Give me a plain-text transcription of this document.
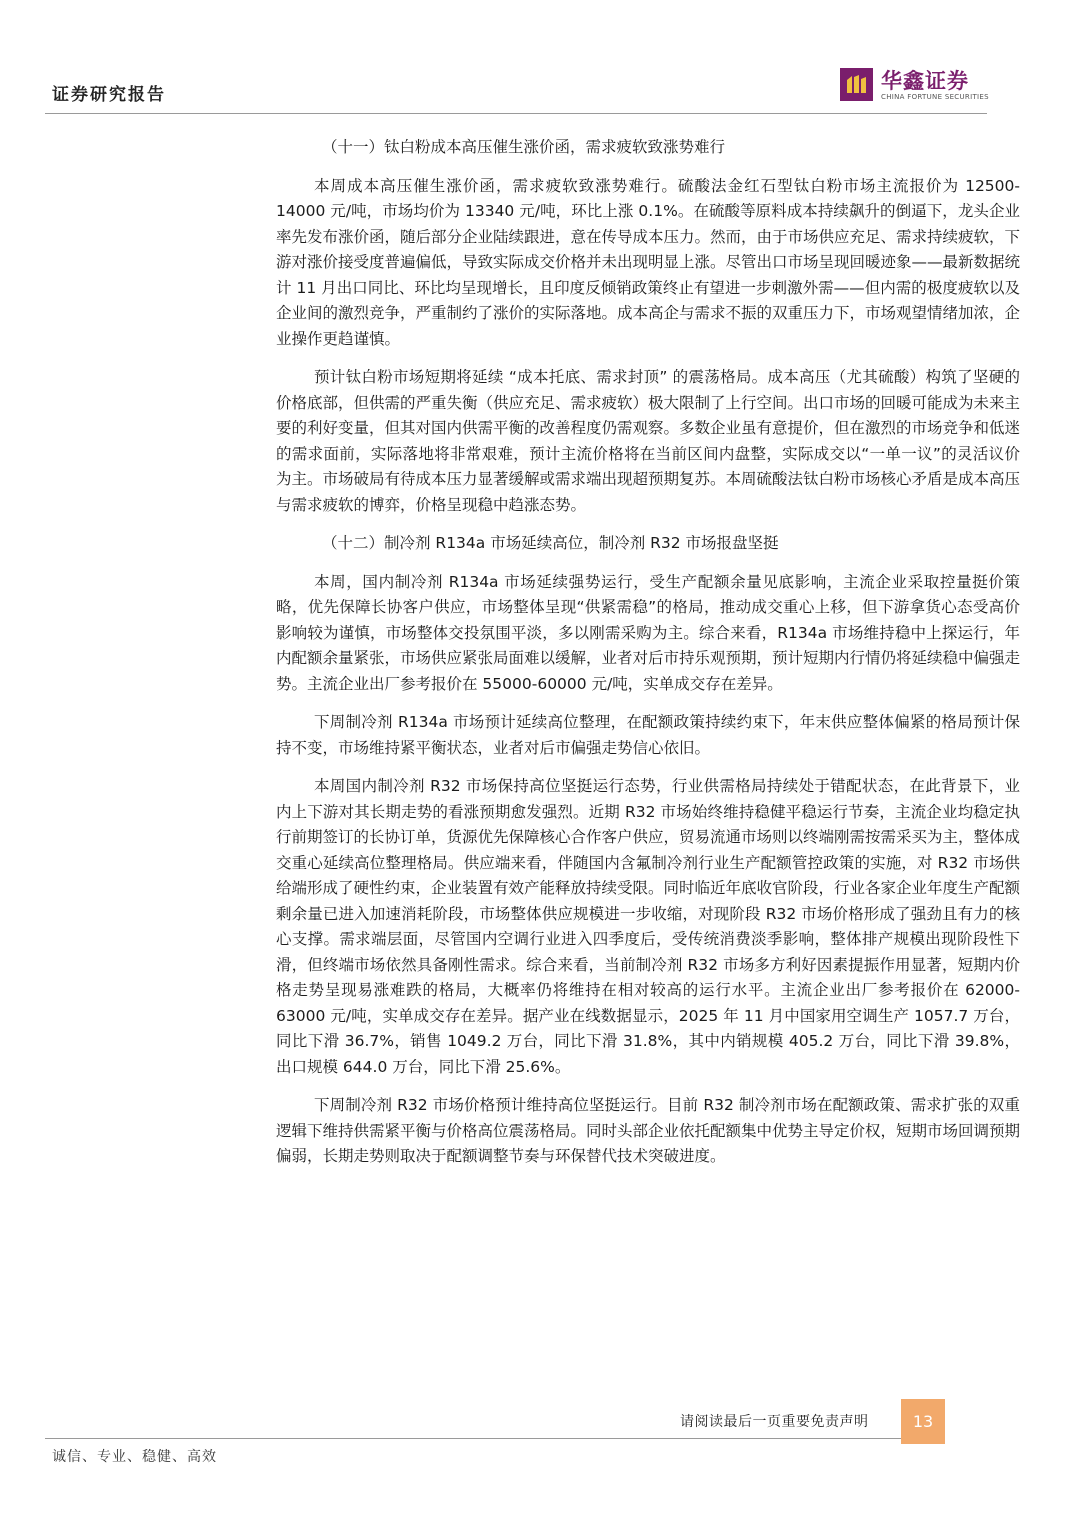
证券研究报告
华鑫证券
CHINA FORTUNE SECURITIES

（十一）钛白粉成本高压催生涨价函，需求疲软致涨势难行

本周成本高压催生涨价函，需求疲软致涨势难行。硫酸法金红石型钛白粉市场主流报价为 12500-14000 元/吨，市场均价为 13340 元/吨，环比上涨 0.1%。在硫酸等原料成本持续飙升的倒逼下，龙头企业率先发布涨价函，随后部分企业陆续跟进，意在传导成本压力。然而，由于市场供应充足、需求持续疲软，下游对涨价接受度普遍偏低，导致实际成交价格并未出现明显上涨。尽管出口市场呈现回暖迹象——最新数据统计 11 月出口同比、环比均呈现增长，且印度反倾销政策终止有望进一步刺激外需——但内需的极度疲软以及企业间的激烈竞争，严重制约了涨价的实际落地。成本高企与需求不振的双重压力下，市场观望情绪加浓，企业操作更趋谨慎。

预计钛白粉市场短期将延续 “成本托底、需求封顶” 的震荡格局。成本高压（尤其硫酸）构筑了坚硬的价格底部，但供需的严重失衡（供应充足、需求疲软）极大限制了上行空间。出口市场的回暖可能成为未来主要的利好变量，但其对国内供需平衡的改善程度仍需观察。多数企业虽有意提价，但在激烈的市场竞争和低迷的需求面前，实际落地将非常艰难，预计主流价格将在当前区间内盘整，实际成交以“一单一议”的灵活议价为主。市场破局有待成本压力显著缓解或需求端出现超预期复苏。本周硫酸法钛白粉市场核心矛盾是成本高压与需求疲软的博弈，价格呈现稳中趋涨态势。

（十二）制冷剂 R134a 市场延续高位，制冷剂 R32 市场报盘坚挺

本周，国内制冷剂 R134a 市场延续强势运行，受生产配额余量见底影响，主流企业采取控量挺价策略，优先保障长协客户供应，市场整体呈现“供紧需稳”的格局，推动成交重心上移，但下游拿货心态受高价影响较为谨慎，市场整体交投氛围平淡，多以刚需采购为主。综合来看，R134a 市场维持稳中上探运行，年内配额余量紧张，市场供应紧张局面难以缓解，业者对后市持乐观预期，预计短期内行情仍将延续稳中偏强走势。主流企业出厂参考报价在 55000-60000 元/吨，实单成交存在差异。

下周制冷剂 R134a 市场预计延续高位整理，在配额政策持续约束下，年末供应整体偏紧的格局预计保持不变，市场维持紧平衡状态，业者对后市偏强走势信心依旧。

本周国内制冷剂 R32 市场保持高位坚挺运行态势，行业供需格局持续处于错配状态，在此背景下，业内上下游对其长期走势的看涨预期愈发强烈。近期 R32 市场始终维持稳健平稳运行节奏，主流企业均稳定执行前期签订的长协订单，货源优先保障核心合作客户供应，贸易流通市场则以终端刚需按需采买为主，整体成交重心延续高位整理格局。供应端来看，伴随国内含氟制冷剂行业生产配额管控政策的实施，对 R32 市场供给端形成了硬性约束，企业装置有效产能释放持续受限。同时临近年底收官阶段，行业各家企业年度生产配额剩余量已进入加速消耗阶段，市场整体供应规模进一步收缩，对现阶段 R32 市场价格形成了强劲且有力的核心支撑。需求端层面，尽管国内空调行业进入四季度后，受传统消费淡季影响，整体排产规模出现阶段性下滑，但终端市场依然具备刚性需求。综合来看，当前制冷剂 R32 市场多方利好因素提振作用显著，短期内价格走势呈现易涨难跌的格局，大概率仍将维持在相对较高的运行水平。主流企业出厂参考报价在 62000-63000 元/吨，实单成交存在差异。据产业在线数据显示，2025 年 11 月中国家用空调生产 1057.7 万台，同比下滑 36.7%，销售 1049.2 万台，同比下滑 31.8%，其中内销规模 405.2 万台，同比下滑 39.8%，出口规模 644.0 万台，同比下滑 25.6%。

下周制冷剂 R32 市场价格预计维持高位坚挺运行。目前 R32 制冷剂市场在配额政策、需求扩张的双重逻辑下维持供需紧平衡与价格高位震荡格局。同时头部企业依托配额集中优势主导定价权，短期市场回调预期偏弱，长期走势则取决于配额调整节奏与环保替代技术突破进度。

请阅读最后一页重要免责声明	13
诚信、专业、稳健、高效
